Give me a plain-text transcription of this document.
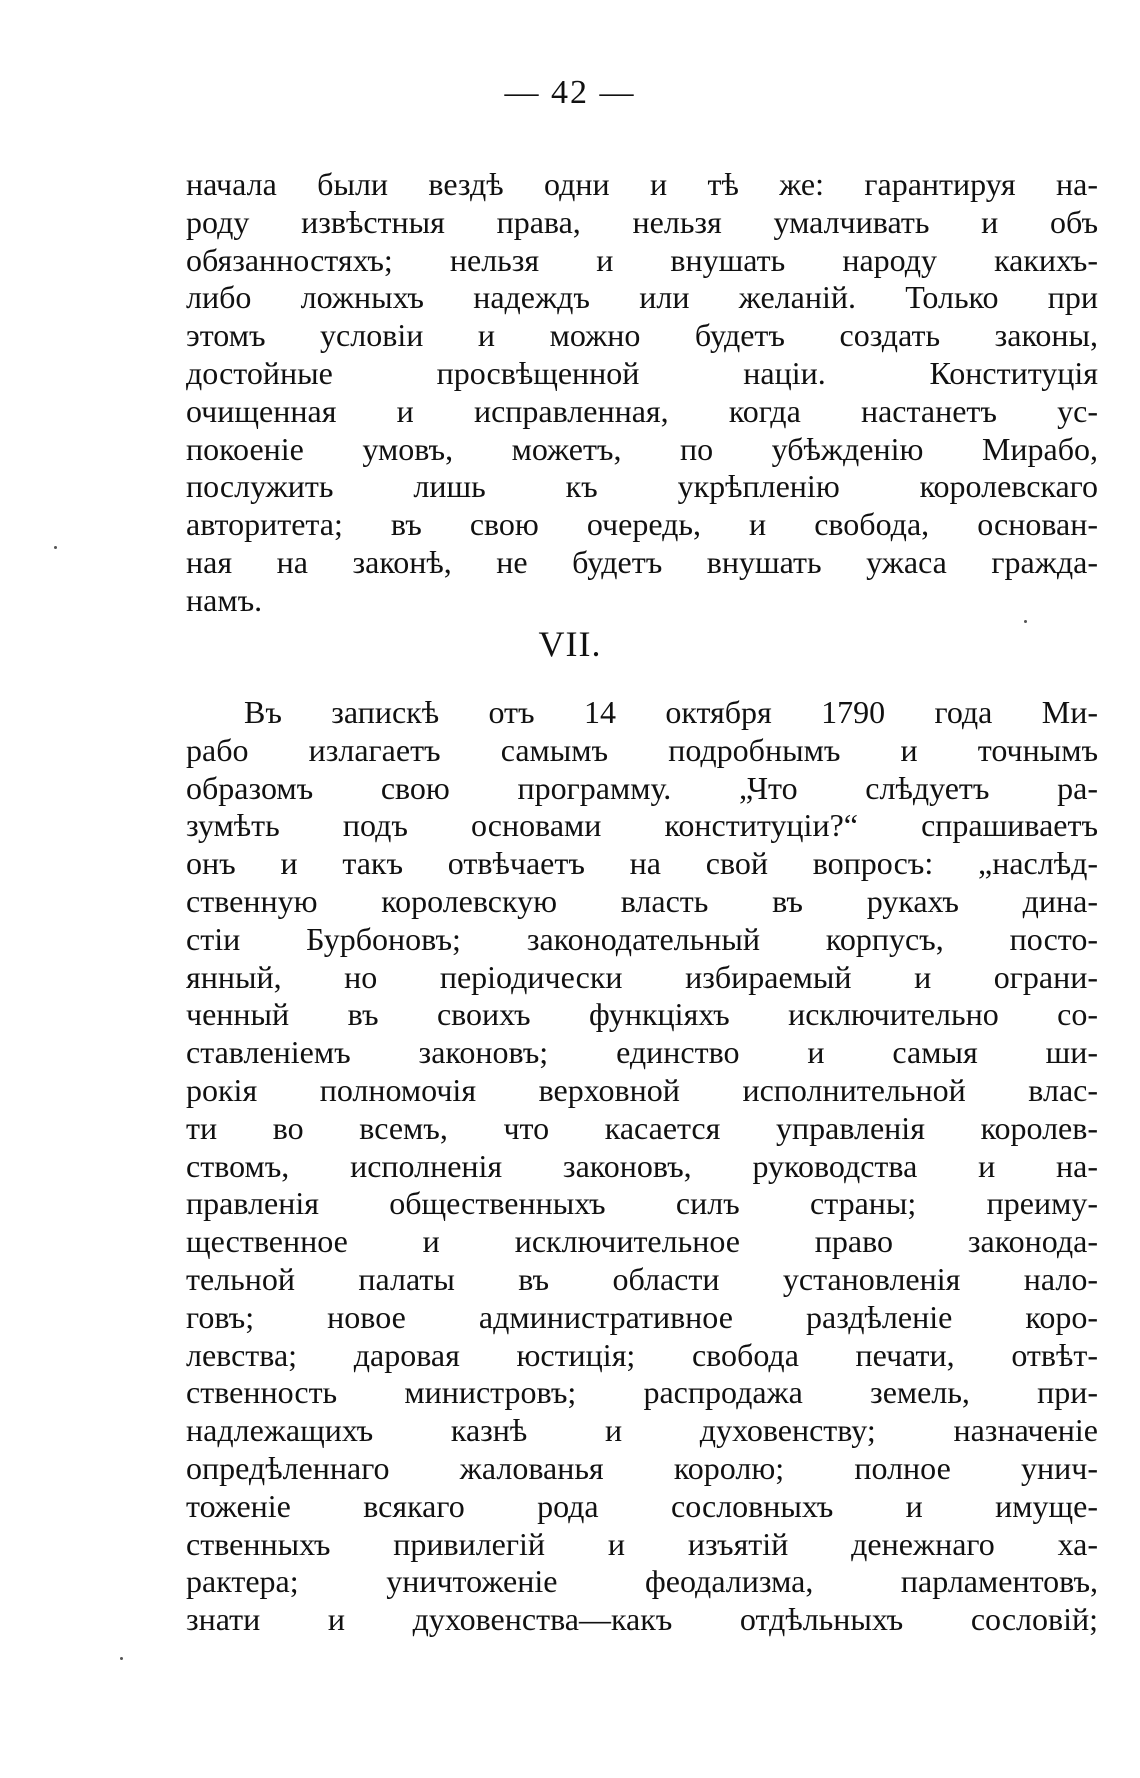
— 42 —
начала были вездѣ одни и тѣ же: гарантируя на-
роду извѣстныя права, нельзя умалчивать и объ
обязанностяхъ; нельзя и внушать народу какихъ-
либо ложныхъ надеждъ или желаній. Только при
этомъ условіи и можно будетъ создать законы,
достойные просвѣщенной націи. Конституція
очищенная и исправленная, когда настанетъ ус-
покоеніе умовъ, можетъ, по убѣжденію Мирабо,
послужить лишь къ укрѣпленію королевскаго
авторитета; въ свою очередь, и свобода, основан-
ная на законѣ, не будетъ внушать ужаса гражда-
намъ.
VII.
Въ запискѣ отъ 14 октября 1790 года Ми-
рабо излагаетъ самымъ подробнымъ и точнымъ
образомъ свою программу. „Что слѣдуетъ ра-
зумѣть подъ основами конституціи?“ спрашиваетъ
онъ и такъ отвѣчаетъ на свой вопросъ: „наслѣд-
ственную королевскую власть въ рукахъ дина-
стіи Бурбоновъ; законодательный корпусъ, посто-
янный, но періодически избираемый и ограни-
ченный въ своихъ функціяхъ исключительно со-
ставленіемъ законовъ; единство и самыя ши-
рокія полномочія верховной исполнительной влас-
ти во всемъ, что касается управленія королев-
ствомъ, исполненія законовъ, руководства и на-
правленія общественныхъ силъ страны; преиму-
щественное и исключительное право законода-
тельной палаты въ области установленія нало-
говъ; новое административное раздѣленіе коро-
левства; даровая юстиція; свобода печати, отвѣт-
ственность министровъ; распродажа земель, при-
надлежащихъ казнѣ и духовенству; назначеніе
опредѣленнаго жалованья королю; полное унич-
тоженіе всякаго рода сословныхъ и имуще-
ственныхъ привилегій и изъятій денежнаго ха-
рактера; уничтоженіе феодализма, парламентовъ,
знати и духовенства—какъ отдѣльныхъ сословій;
